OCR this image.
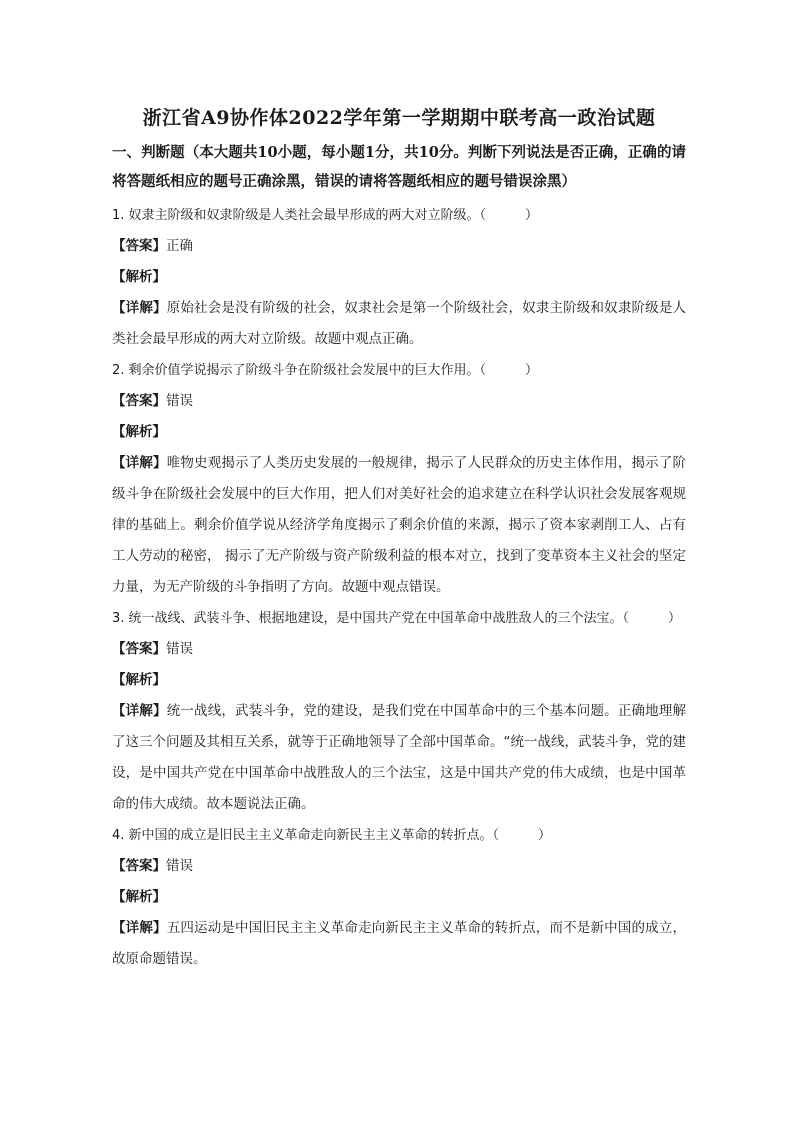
浙江省A9协作体2022学年第一学期期中联考高一政治试题

一、判断题（本大题共10小题，每小题1分，共10分。判断下列说法是否正确，正确的请将答题纸相应的题号正确涂黑，错误的请将答题纸相应的题号错误涂黑）

1. 奴隶主阶级和奴隶阶级是人类社会最早形成的两大对立阶级。（　　　）

【答案】正确

【解析】

【详解】原始社会是没有阶级的社会，奴隶社会是第一个阶级社会，奴隶主阶级和奴隶阶级是人类社会最早形成的两大对立阶级。故题中观点正确。

2. 剩余价值学说揭示了阶级斗争在阶级社会发展中的巨大作用。（　　　）

【答案】错误

【解析】

【详解】唯物史观揭示了人类历史发展的一般规律，揭示了人民群众的历史主体作用，揭示了阶级斗争在阶级社会发展中的巨大作用，把人们对美好社会的追求建立在科学认识社会发展客观规律的基础上。剩余价值学说从经济学角度揭示了剩余价值的来源，揭示了资本家剥削工人、占有工人劳动的秘密， 揭示了无产阶级与资产阶级利益的根本对立，找到了变革资本主义社会的坚定力量，为无产阶级的斗争指明了方向。故题中观点错误。

3. 统一战线、武装斗争、根据地建设，是中国共产党在中国革命中战胜敌人的三个法宝。（　　　）

【答案】错误

【解析】

【详解】统一战线，武装斗争，党的建设，是我们党在中国革命中的三个基本问题。正确地理解了这三个问题及其相互关系，就等于正确地领导了全部中国革命。“统一战线，武装斗争，党的建设，是中国共产党在中国革命中战胜敌人的三个法宝，这是中国共产党的伟大成绩，也是中国革命的伟大成绩。故本题说法正确。

4. 新中国的成立是旧民主主义革命走向新民主主义革命的转折点。（　　　）

【答案】错误

【解析】

【详解】五四运动是中国旧民主主义革命走向新民主主义革命的转折点，而不是新中国的成立，故原命题错误。
